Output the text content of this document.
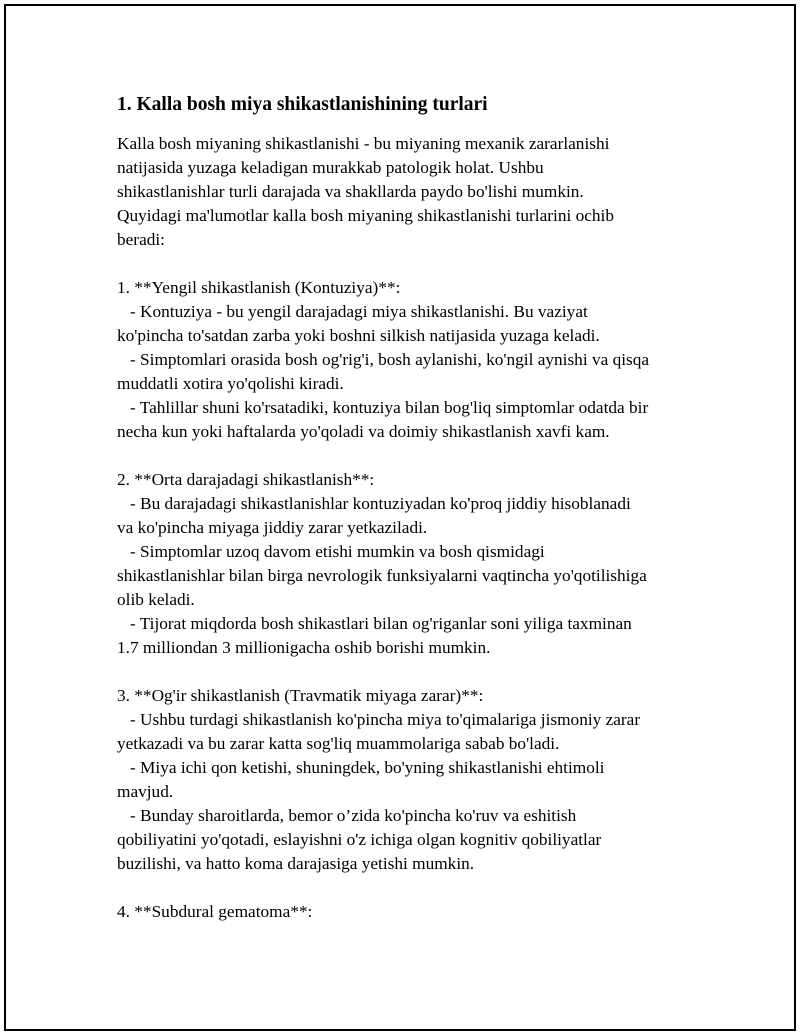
1. Kalla bosh miya shikastlanishining turlari
Kalla bosh miyaning shikastlanishi - bu miyaning mexanik zararlanishi
natijasida yuzaga keladigan murakkab patologik holat. Ushbu
shikastlanishlar turli darajada va shakllarda paydo bo'lishi mumkin.
Quyidagi ma'lumotlar kalla bosh miyaning shikastlanishi turlarini ochib
beradi:
1. **Yengil shikastlanish (Kontuziya)**:
- Kontuziya - bu yengil darajadagi miya shikastlanishi. Bu vaziyat
ko'pincha to'satdan zarba yoki boshni silkish natijasida yuzaga keladi.
- Simptomlari orasida bosh og'rig'i, bosh aylanishi, ko'ngil aynishi va qisqa
muddatli xotira yo'qolishi kiradi.
- Tahlillar shuni ko'rsatadiki, kontuziya bilan bog'liq simptomlar odatda bir
necha kun yoki haftalarda yo'qoladi va doimiy shikastlanish xavfi kam.
2. **Orta darajadagi shikastlanish**:
- Bu darajadagi shikastlanishlar kontuziyadan ko'proq jiddiy hisoblanadi
va ko'pincha miyaga jiddiy zarar yetkaziladi.
- Simptomlar uzoq davom etishi mumkin va bosh qismidagi
shikastlanishlar bilan birga nevrologik funksiyalarni vaqtincha yo'qotilishiga
olib keladi.
- Tijorat miqdorda bosh shikastlari bilan og'riganlar soni yiliga taxminan
1.7 milliondan 3 millionigacha oshib borishi mumkin.
3. **Og'ir shikastlanish (Travmatik miyaga zarar)**:
- Ushbu turdagi shikastlanish ko'pincha miya to'qimalariga jismoniy zarar
yetkazadi va bu zarar katta sog'liq muammolariga sabab bo'ladi.
- Miya ichi qon ketishi, shuningdek, bo'yning shikastlanishi ehtimoli
mavjud.
- Bunday sharoitlarda, bemor o’zida ko'pincha ko'ruv va eshitish
qobiliyatini yo'qotadi, eslayishni o'z ichiga olgan kognitiv qobiliyatlar
buzilishi, va hatto koma darajasiga yetishi mumkin.
4. **Subdural gematoma**:
